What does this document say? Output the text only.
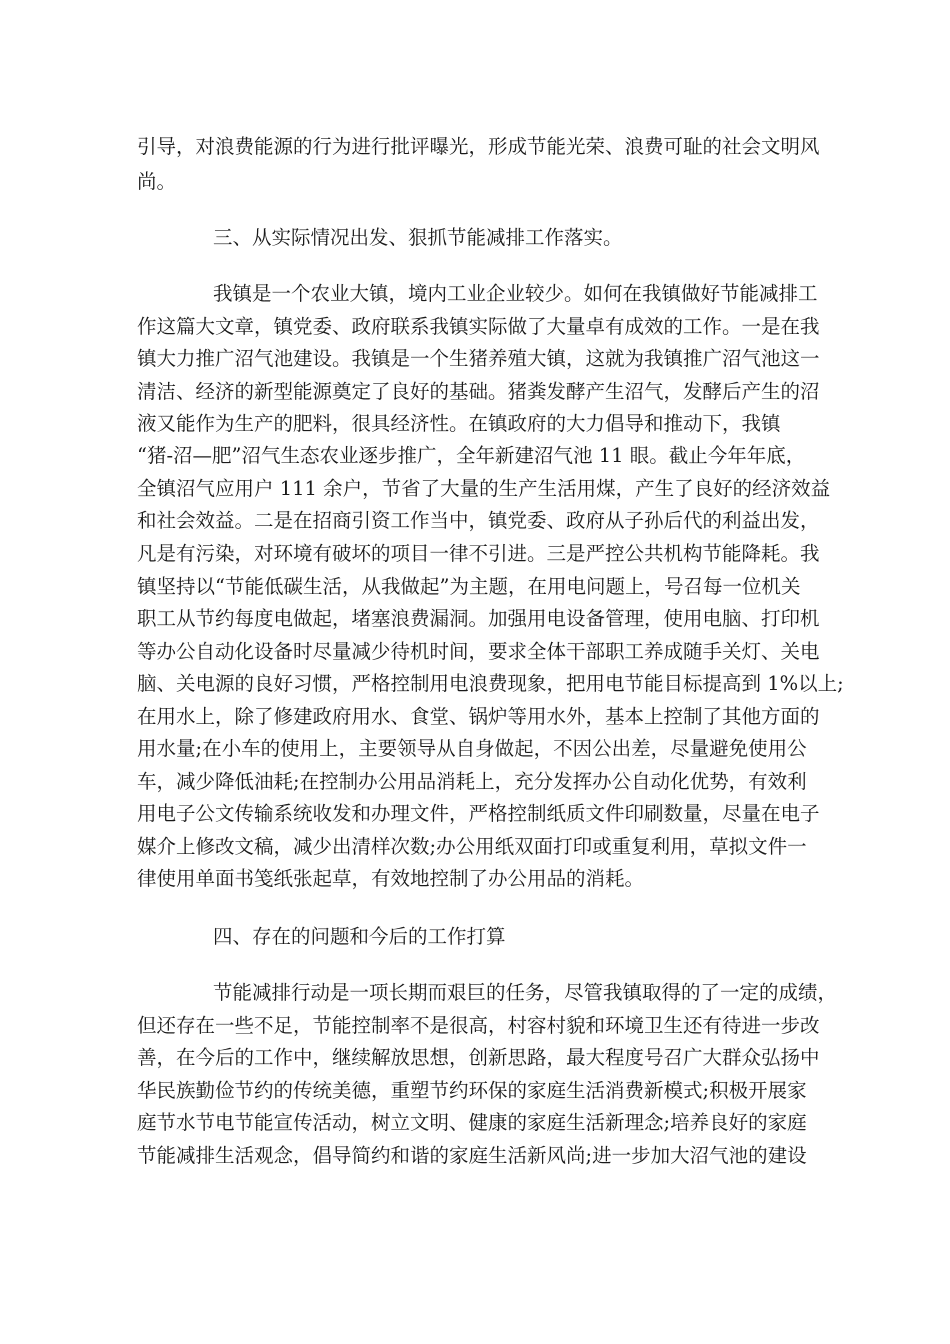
引导，对浪费能源的行为进行批评曝光，形成节能光荣、浪费可耻的社会文明风
尚。
三、从实际情况出发、狠抓节能减排工作落实。
我镇是一个农业大镇，境内工业企业较少。如何在我镇做好节能减排工
作这篇大文章，镇党委、政府联系我镇实际做了大量卓有成效的工作。一是在我
镇大力推广沼气池建设。我镇是一个生猪养殖大镇，这就为我镇推广沼气池这一
清洁、经济的新型能源奠定了良好的基础。猪粪发酵产生沼气，发酵后产生的沼
液又能作为生产的肥料，很具经济性。在镇政府的大力倡导和推动下，我镇
“猪-沼—肥”沼气生态农业逐步推广，全年新建沼气池 11 眼。截止今年年底，
全镇沼气应用户 111 余户，节省了大量的生产生活用煤，产生了良好的经济效益
和社会效益。二是在招商引资工作当中，镇党委、政府从子孙后代的利益出发，
凡是有污染，对环境有破坏的项目一律不引进。三是严控公共机构节能降耗。我
镇坚持以“节能低碳生活，从我做起”为主题，在用电问题上，号召每一位机关
职工从节约每度电做起，堵塞浪费漏洞。加强用电设备管理，使用电脑、打印机
等办公自动化设备时尽量减少待机时间，要求全体干部职工养成随手关灯、关电
脑、关电源的良好习惯，严格控制用电浪费现象，把用电节能目标提高到 1%以上;
在用水上，除了修建政府用水、食堂、锅炉等用水外，基本上控制了其他方面的
用水量;在小车的使用上，主要领导从自身做起，不因公出差，尽量避免使用公
车，减少降低油耗;在控制办公用品消耗上，充分发挥办公自动化优势，有效利
用电子公文传输系统收发和办理文件，严格控制纸质文件印刷数量，尽量在电子
媒介上修改文稿，减少出清样次数;办公用纸双面打印或重复利用，草拟文件一
律使用单面书笺纸张起草，有效地控制了办公用品的消耗。
四、存在的问题和今后的工作打算
节能减排行动是一项长期而艰巨的任务，尽管我镇取得的了一定的成绩，
但还存在一些不足，节能控制率不是很高，村容村貌和环境卫生还有待进一步改
善，在今后的工作中，继续解放思想，创新思路，最大程度号召广大群众弘扬中
华民族勤俭节约的传统美德，重塑节约环保的家庭生活消费新模式;积极开展家
庭节水节电节能宣传活动，树立文明、健康的家庭生活新理念;培养良好的家庭
节能减排生活观念，倡导简约和谐的家庭生活新风尚;进一步加大沼气池的建设
